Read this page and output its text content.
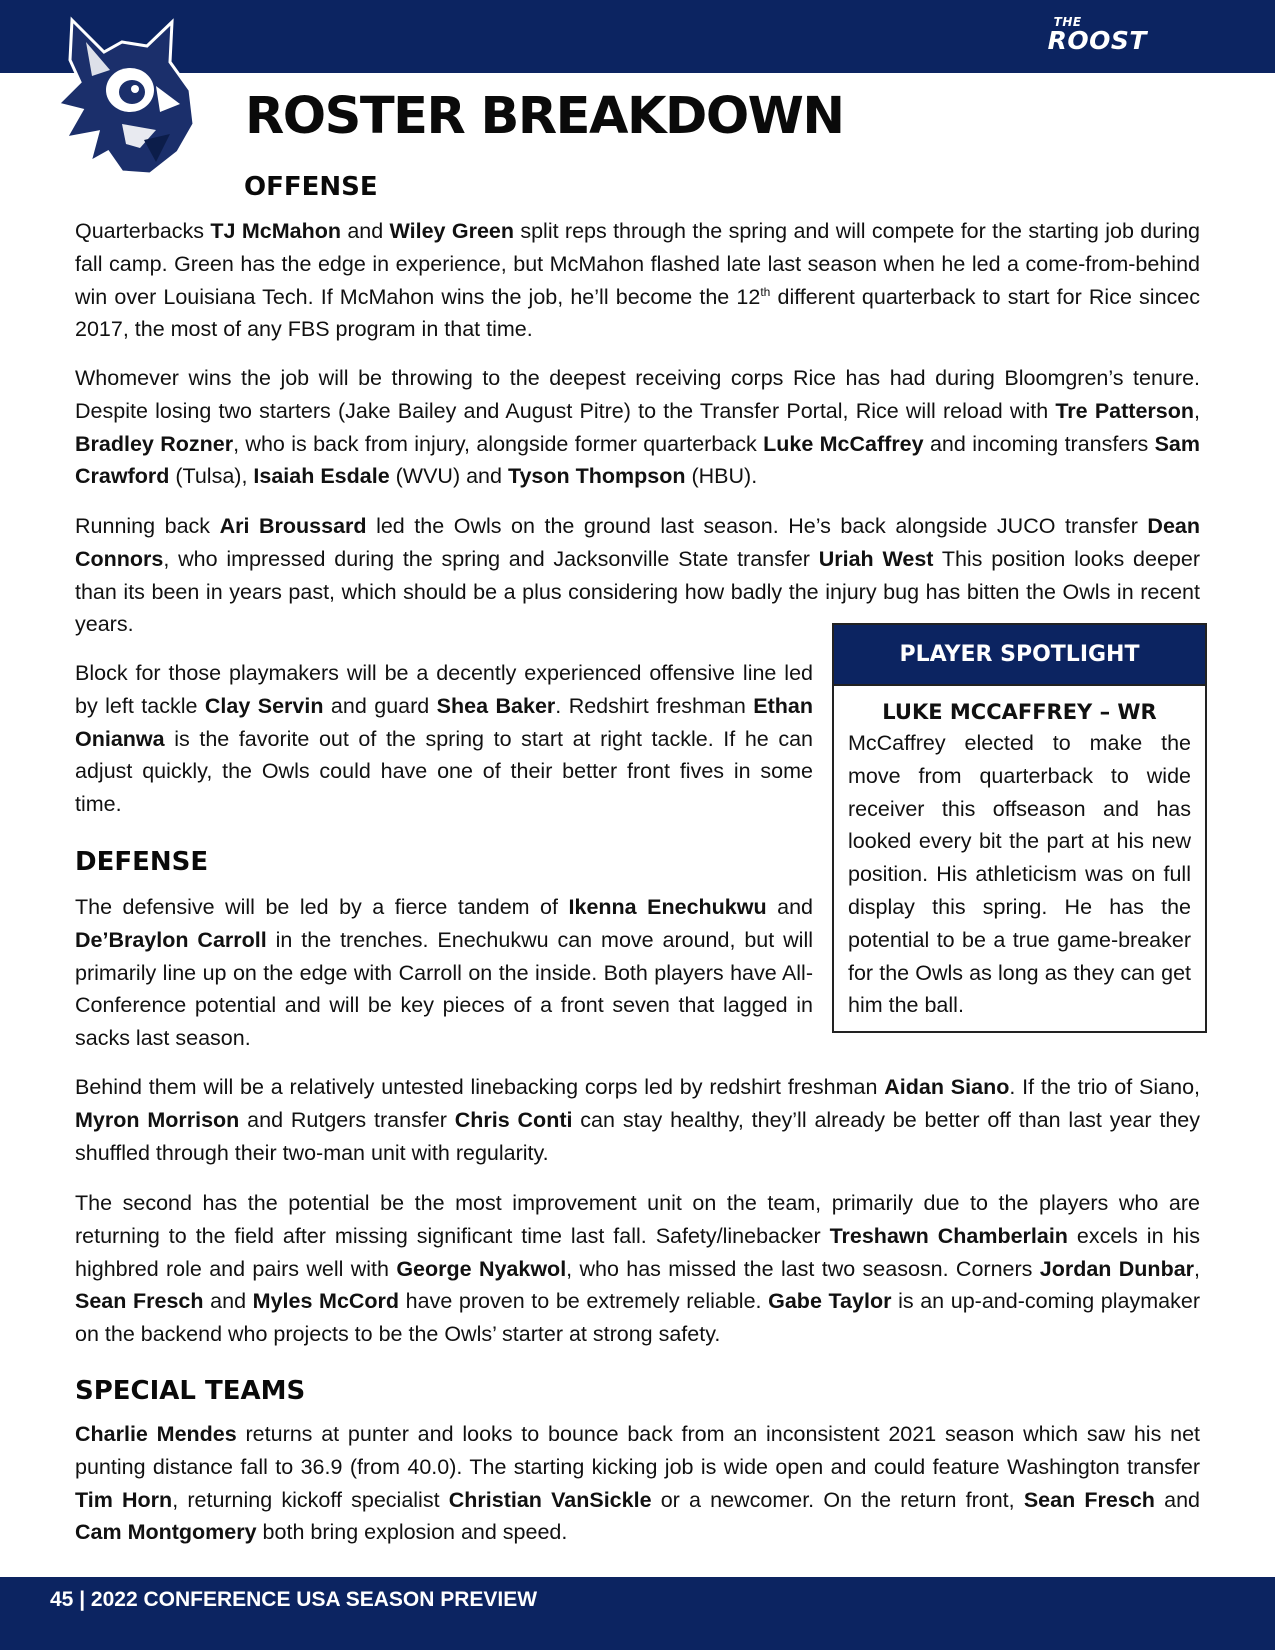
THE
ROOST
ROSTER BREAKDOWN
OFFENSE

Quarterbacks TJ McMahon and Wiley Green split reps through the spring and will compete for the starting job during fall camp. Green has the edge in experience, but McMahon flashed late last season when he led a come-from-behind win over Louisiana Tech. If McMahon wins the job, he’ll become the 12th different quarterback to start for Rice sincec 2017, the most of any FBS program in that time.

Whomever wins the job will be throwing to the deepest receiving corps Rice has had during Bloomgren’s tenure. Despite losing two starters (Jake Bailey and August Pitre) to the Transfer Portal, Rice will reload with Tre Patterson, Bradley Rozner, who is back from injury, alongside former quarterback Luke McCaffrey and incoming transfers Sam Crawford (Tulsa), Isaiah Esdale (WVU) and Tyson Thompson (HBU).

Running back Ari Broussard led the Owls on the ground last season. He’s back alongside JUCO transfer Dean Connors, who impressed during the spring and Jacksonville State transfer Uriah West This position looks deeper than its been in years past, which should be a plus considering how badly the injury bug has bitten the Owls in recent years.

Block for those playmakers will be a decently experienced offensive line led by left tackle Clay Servin and guard Shea Baker. Redshirt freshman Ethan Onianwa is the favorite out of the spring to start at right tackle. If he can adjust quickly, the Owls could have one of their better front fives in some time.

DEFENSE

The defensive will be led by a fierce tandem of Ikenna Enechukwu and De’Braylon Carroll in the trenches. Enechukwu can move around, but will primarily line up on the edge with Carroll on the inside. Both players have All-Conference potential and will be key pieces of a front seven that lagged in sacks last season.

Behind them will be a relatively untested linebacking corps led by redshirt freshman Aidan Siano. If the trio of Siano, Myron Morrison and Rutgers transfer Chris Conti can stay healthy, they’ll already be better off than last year they shuffled through their two-man unit with regularity.

The second has the potential be the most improvement unit on the team, primarily due to the players who are returning to the field after missing significant time last fall. Safety/linebacker Treshawn Chamberlain excels in his highbred role and pairs well with George Nyakwol, who has missed the last two seasosn. Corners Jordan Dunbar, Sean Fresch and Myles McCord have proven to be extremely reliable. Gabe Taylor is an up-and-coming playmaker on the backend who projects to be the Owls’ starter at strong safety.

SPECIAL TEAMS

Charlie Mendes returns at punter and looks to bounce back from an inconsistent 2021 season which saw his net punting distance fall to 36.9 (from 40.0). The starting kicking job is wide open and could feature Washington transfer Tim Horn, returning kickoff specialist Christian VanSickle or a newcomer. On the return front, Sean Fresch and Cam Montgomery both bring explosion and speed.

PLAYER SPOTLIGHT
LUKE MCCAFFREY – WR

McCaffrey elected to make the move from quarterback to wide receiver this offseason and has looked every bit the part at his new position. His athleticism was on full display this spring. He has the potential to be a true game-breaker for the Owls as long as they can get him the ball.

45 | 2022 CONFERENCE USA SEASON PREVIEW
